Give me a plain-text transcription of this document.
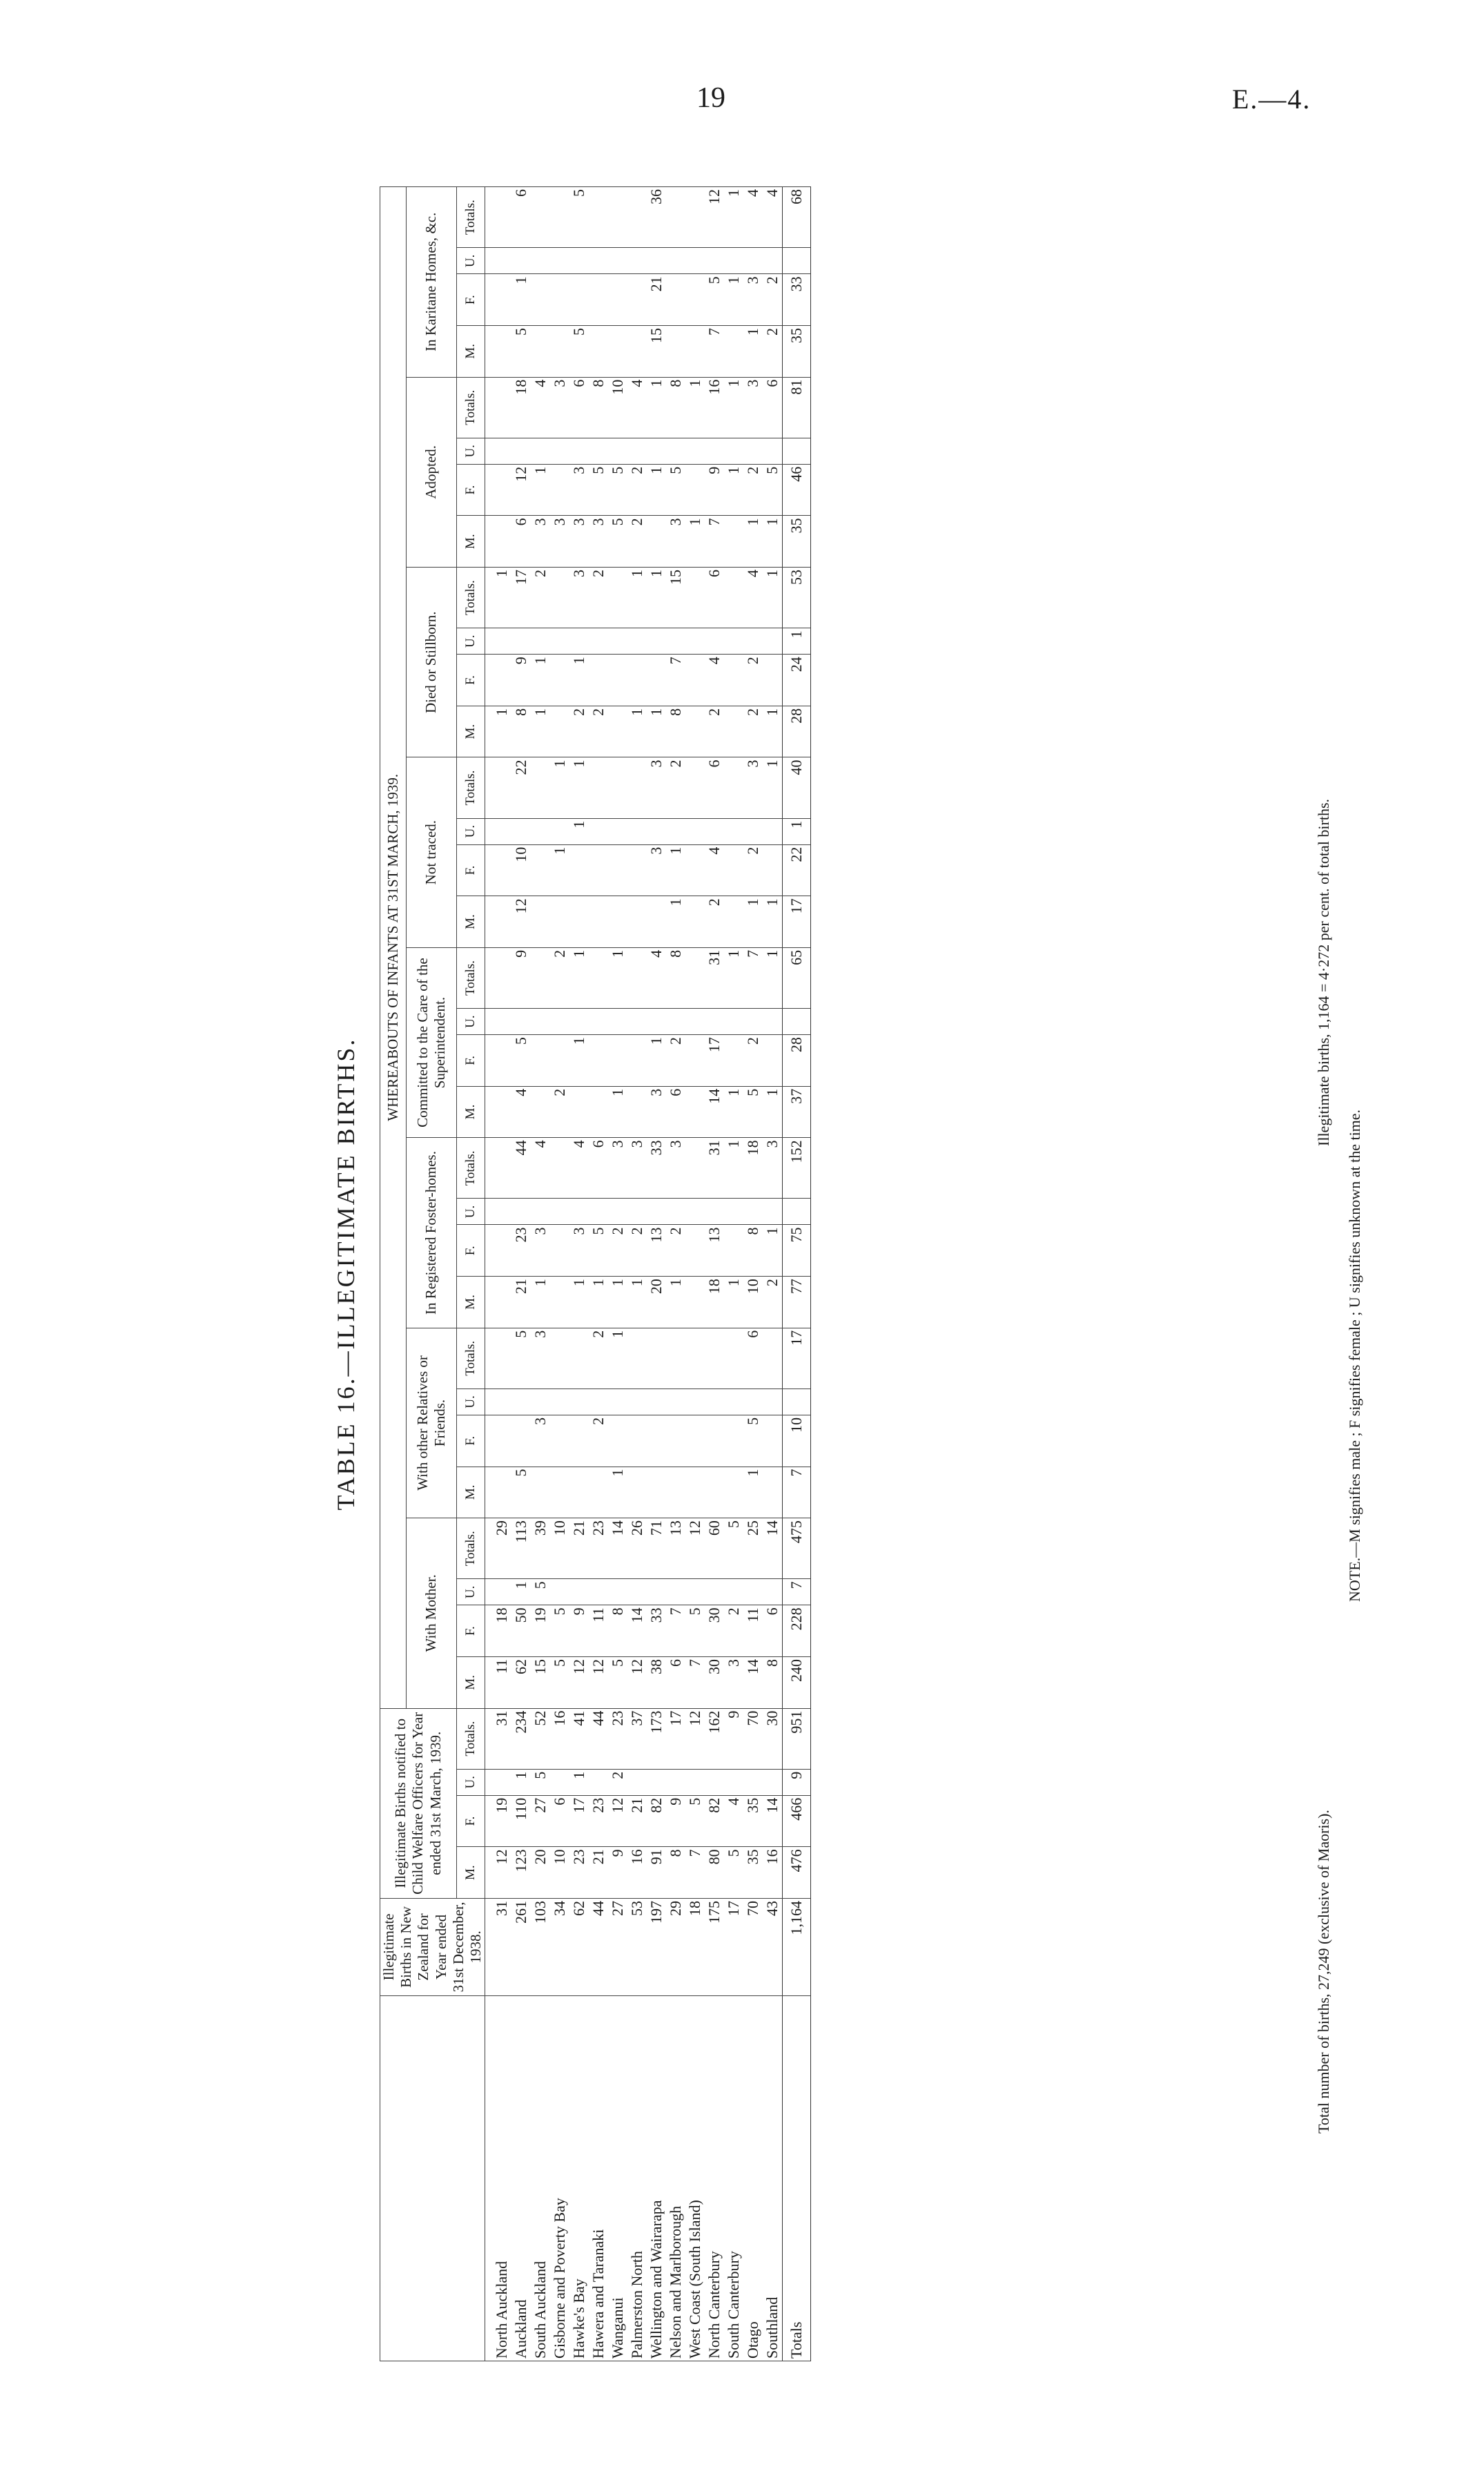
19	E.—4.
TABLE 16.—ILLEGITIMATE BIRTHS.
	Illegitimate Births in New Zealand for Year ended 31st December, 1938.	Illegitimate Births notified to Child Welfare Officers for Year ended 31st March, 1939.				WHEREABOUTS OF INFANTS AT 31ST MARCH, 1939.																															
						With Mother.				With other Relatives or Friends.				In Registered Foster-homes.				Committed to the Care of the Superintendent.				Not traced.				Died or Stillborn.				Adopted.				In Karitane Homes, &c.			
		M.	F.	U.	Totals.	M.	F.	U.	Totals.	M.	F.	U.	Totals.	M.	F.	U.	Totals.	M.	F.	U.	Totals.	M.	F.	U.	Totals.	M.	F.	U.	Totals.	M.	F.	U.	Totals.	M.	F.	U.	Totals.
North Auckland	31	12	19		31	11	18		29																	1			1								
Auckland	261	123	110	1	234	62	50	1	113	5			5	21	23		44	4	5		9	12	10		22	8	9		17	6	12		18	5	1		6
South Auckland	103	20	27	5	52	15	19	5	39		3		3	1	3		4									1	1		2	3	1		4				
Gisborne and Poverty Bay	34	10	6		16	5	5		10									2			2		1		1					3			3				
Hawke's Bay	62	23	17	1	41	12	9		21					1	3		4		1		1			1	1	2	1		3	3	3		6	5			5
Hawera and Taranaki	44	21	23		44	12	11		23		2		2	1	5		6									2			2	3	5		8				
Wanganui	27	9	12	2	23	5	8		14	1			1	1	2		3	1			1									5	5		10				
Palmerston North	53	16	21		37	12	14		26					1	2		3									1			1	2	2		4				
Wellington and Wairarapa	197	91	82		173	38	33		71					20	13		33	3	1		4		3		3	1			1		1		1	15	21		36
Nelson and Marlborough	29	8	9		17	6	7		13					1	2		3	6	2		8	1	1		2	8	7		15	3	5		8				
West Coast (South Island)	18	7	5		12	7	5		12																					1			1				
North Canterbury	175	80	82		162	30	30		60					18	13		31	14	17		31	2	4		6	2	4		6	7	9		16	7	5		12
South Canterbury	17	5	4		9	3	2		5					1			1	1			1										1		1		1		1
Otago	70	35	35		70	14	11		25	1	5		6	10	8		18	5	2		7	1	2		3	2	2		4	1	2		3	1	3		4
Southland	43	16	14		30	8	6		14					2	1		3	1			1	1			1	1			1	1	5		6	2	2		4
Totals	1,164	476	466	9	951	240	228	7	475	7	10		17	77	75		152	37	28		65	17	22	1	40	28	24	1	53	35	46		81	35	33		68
Total number of births, 27,249 (exclusive of Maoris).
Illegitimate births, 1,164 = 4·272 per cent. of total births.
NOTE.—M signifies male ; F signifies female ; U signifies unknown at the time.
